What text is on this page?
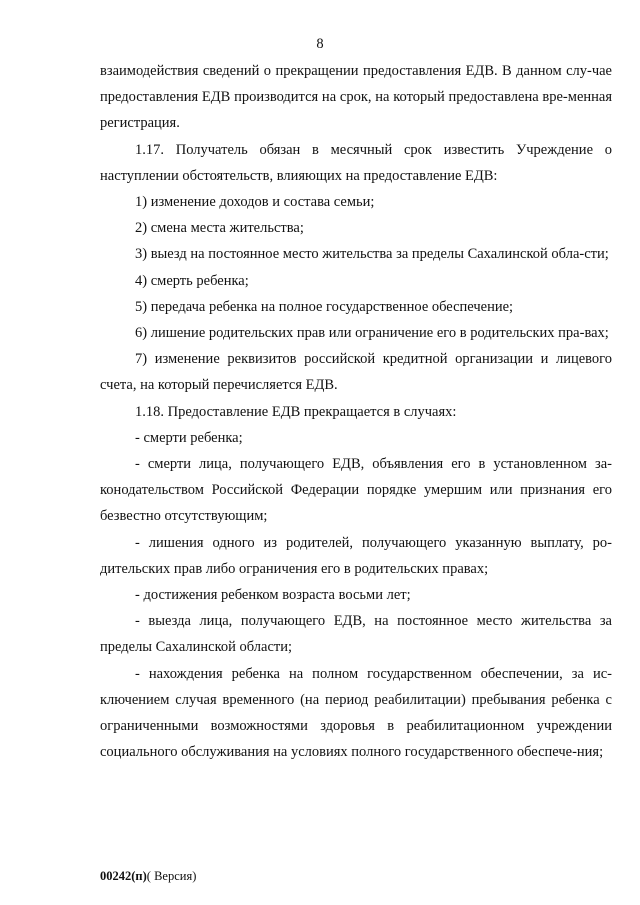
8

взаимодействия сведений о прекращении предоставления ЕДВ. В данном слу-чае предоставления ЕДВ производится на срок, на который предоставлена вре-менная регистрация.

1.17. Получатель обязан в месячный срок известить Учреждение о наступлении обстоятельств, влияющих на предоставление ЕДВ:

1) изменение доходов и состава семьи;

2) смена места жительства;

3) выезд на постоянное место жительства за пределы Сахалинской обла-сти;

4) смерть ребенка;

5) передача ребенка на полное государственное обеспечение;

6) лишение родительских прав или ограничение его в родительских пра-вах;

7) изменение реквизитов российской кредитной организации и лицевого счета, на который перечисляется ЕДВ.

1.18. Предоставление ЕДВ прекращается в случаях:

- смерти ребенка;

- смерти лица, получающего ЕДВ, объявления его в установленном за-конодательством Российской Федерации порядке умершим или признания его безвестно отсутствующим;

- лишения одного из родителей, получающего указанную выплату, ро-дительских прав либо ограничения его в родительских правах;

- достижения ребенком возраста восьми лет;

- выезда лица, получающего ЕДВ, на постоянное место жительства за пределы Сахалинской области;

- нахождения ребенка на полном государственном обеспечении, за ис-ключением случая временного (на период реабилитации) пребывания ребенка с ограниченными возможностями здоровья в реабилитационном учреждении социального обслуживания на условиях полного государственного обеспече-ния;

00242(п)( Версия)
